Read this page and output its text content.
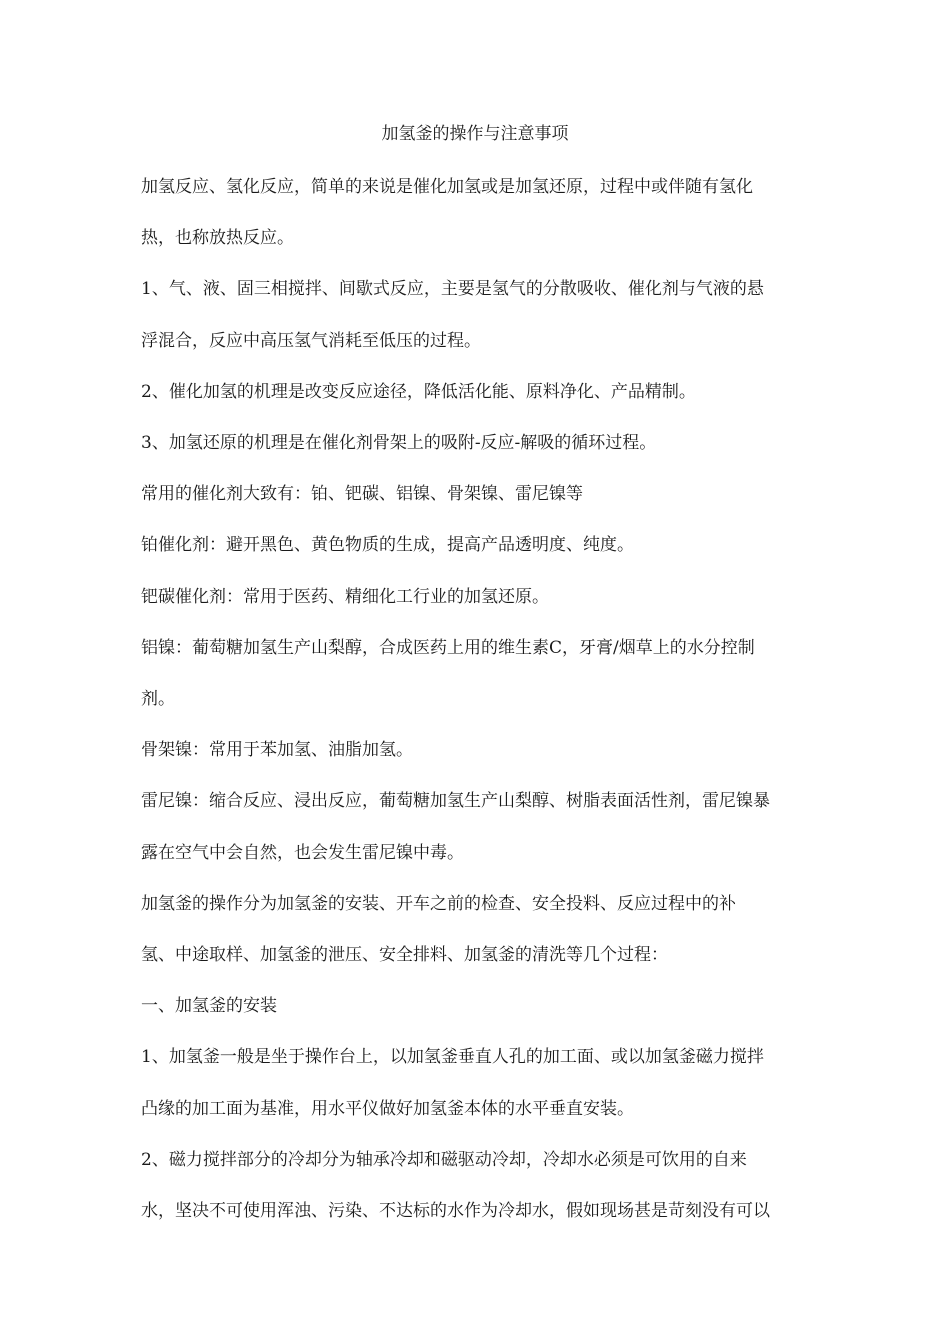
加氢釜的操作与注意事项

加氢反应、氢化反应，简单的来说是催化加氢或是加氢还原，过程中或伴随有氢化

热，也称放热反应。

1、气、液、固三相搅拌、间歇式反应，主要是氢气的分散吸收、催化剂与气液的悬

浮混合，反应中高压氢气消耗至低压的过程。

2、催化加氢的机理是改变反应途径，降低活化能、原料净化、产品精制。

3、加氢还原的机理是在催化剂骨架上的吸附-反应-解吸的循环过程。

常用的催化剂大致有：铂、钯碳、铝镍、骨架镍、雷尼镍等

铂催化剂：避开黑色、黄色物质的生成，提高产品透明度、纯度。

钯碳催化剂：常用于医药、精细化工行业的加氢还原。

铝镍：葡萄糖加氢生产山梨醇，合成医药上用的维生素C，牙膏/烟草上的水分控制

剂。

骨架镍：常用于苯加氢、油脂加氢。

雷尼镍：缩合反应、浸出反应，葡萄糖加氢生产山梨醇、树脂表面活性剂，雷尼镍暴

露在空气中会自然，也会发生雷尼镍中毒。

加氢釜的操作分为加氢釜的安装、开车之前的检查、安全投料、反应过程中的补

氢、中途取样、加氢釜的泄压、安全排料、加氢釜的清洗等几个过程：

一、加氢釜的安装

1、加氢釜一般是坐于操作台上，以加氢釜垂直人孔的加工面、或以加氢釜磁力搅拌

凸缘的加工面为基准，用水平仪做好加氢釜本体的水平垂直安装。

2、磁力搅拌部分的冷却分为轴承冷却和磁驱动冷却，冷却水必须是可饮用的自来

水，坚决不可使用浑浊、污染、不达标的水作为冷却水，假如现场甚是苛刻没有可以
